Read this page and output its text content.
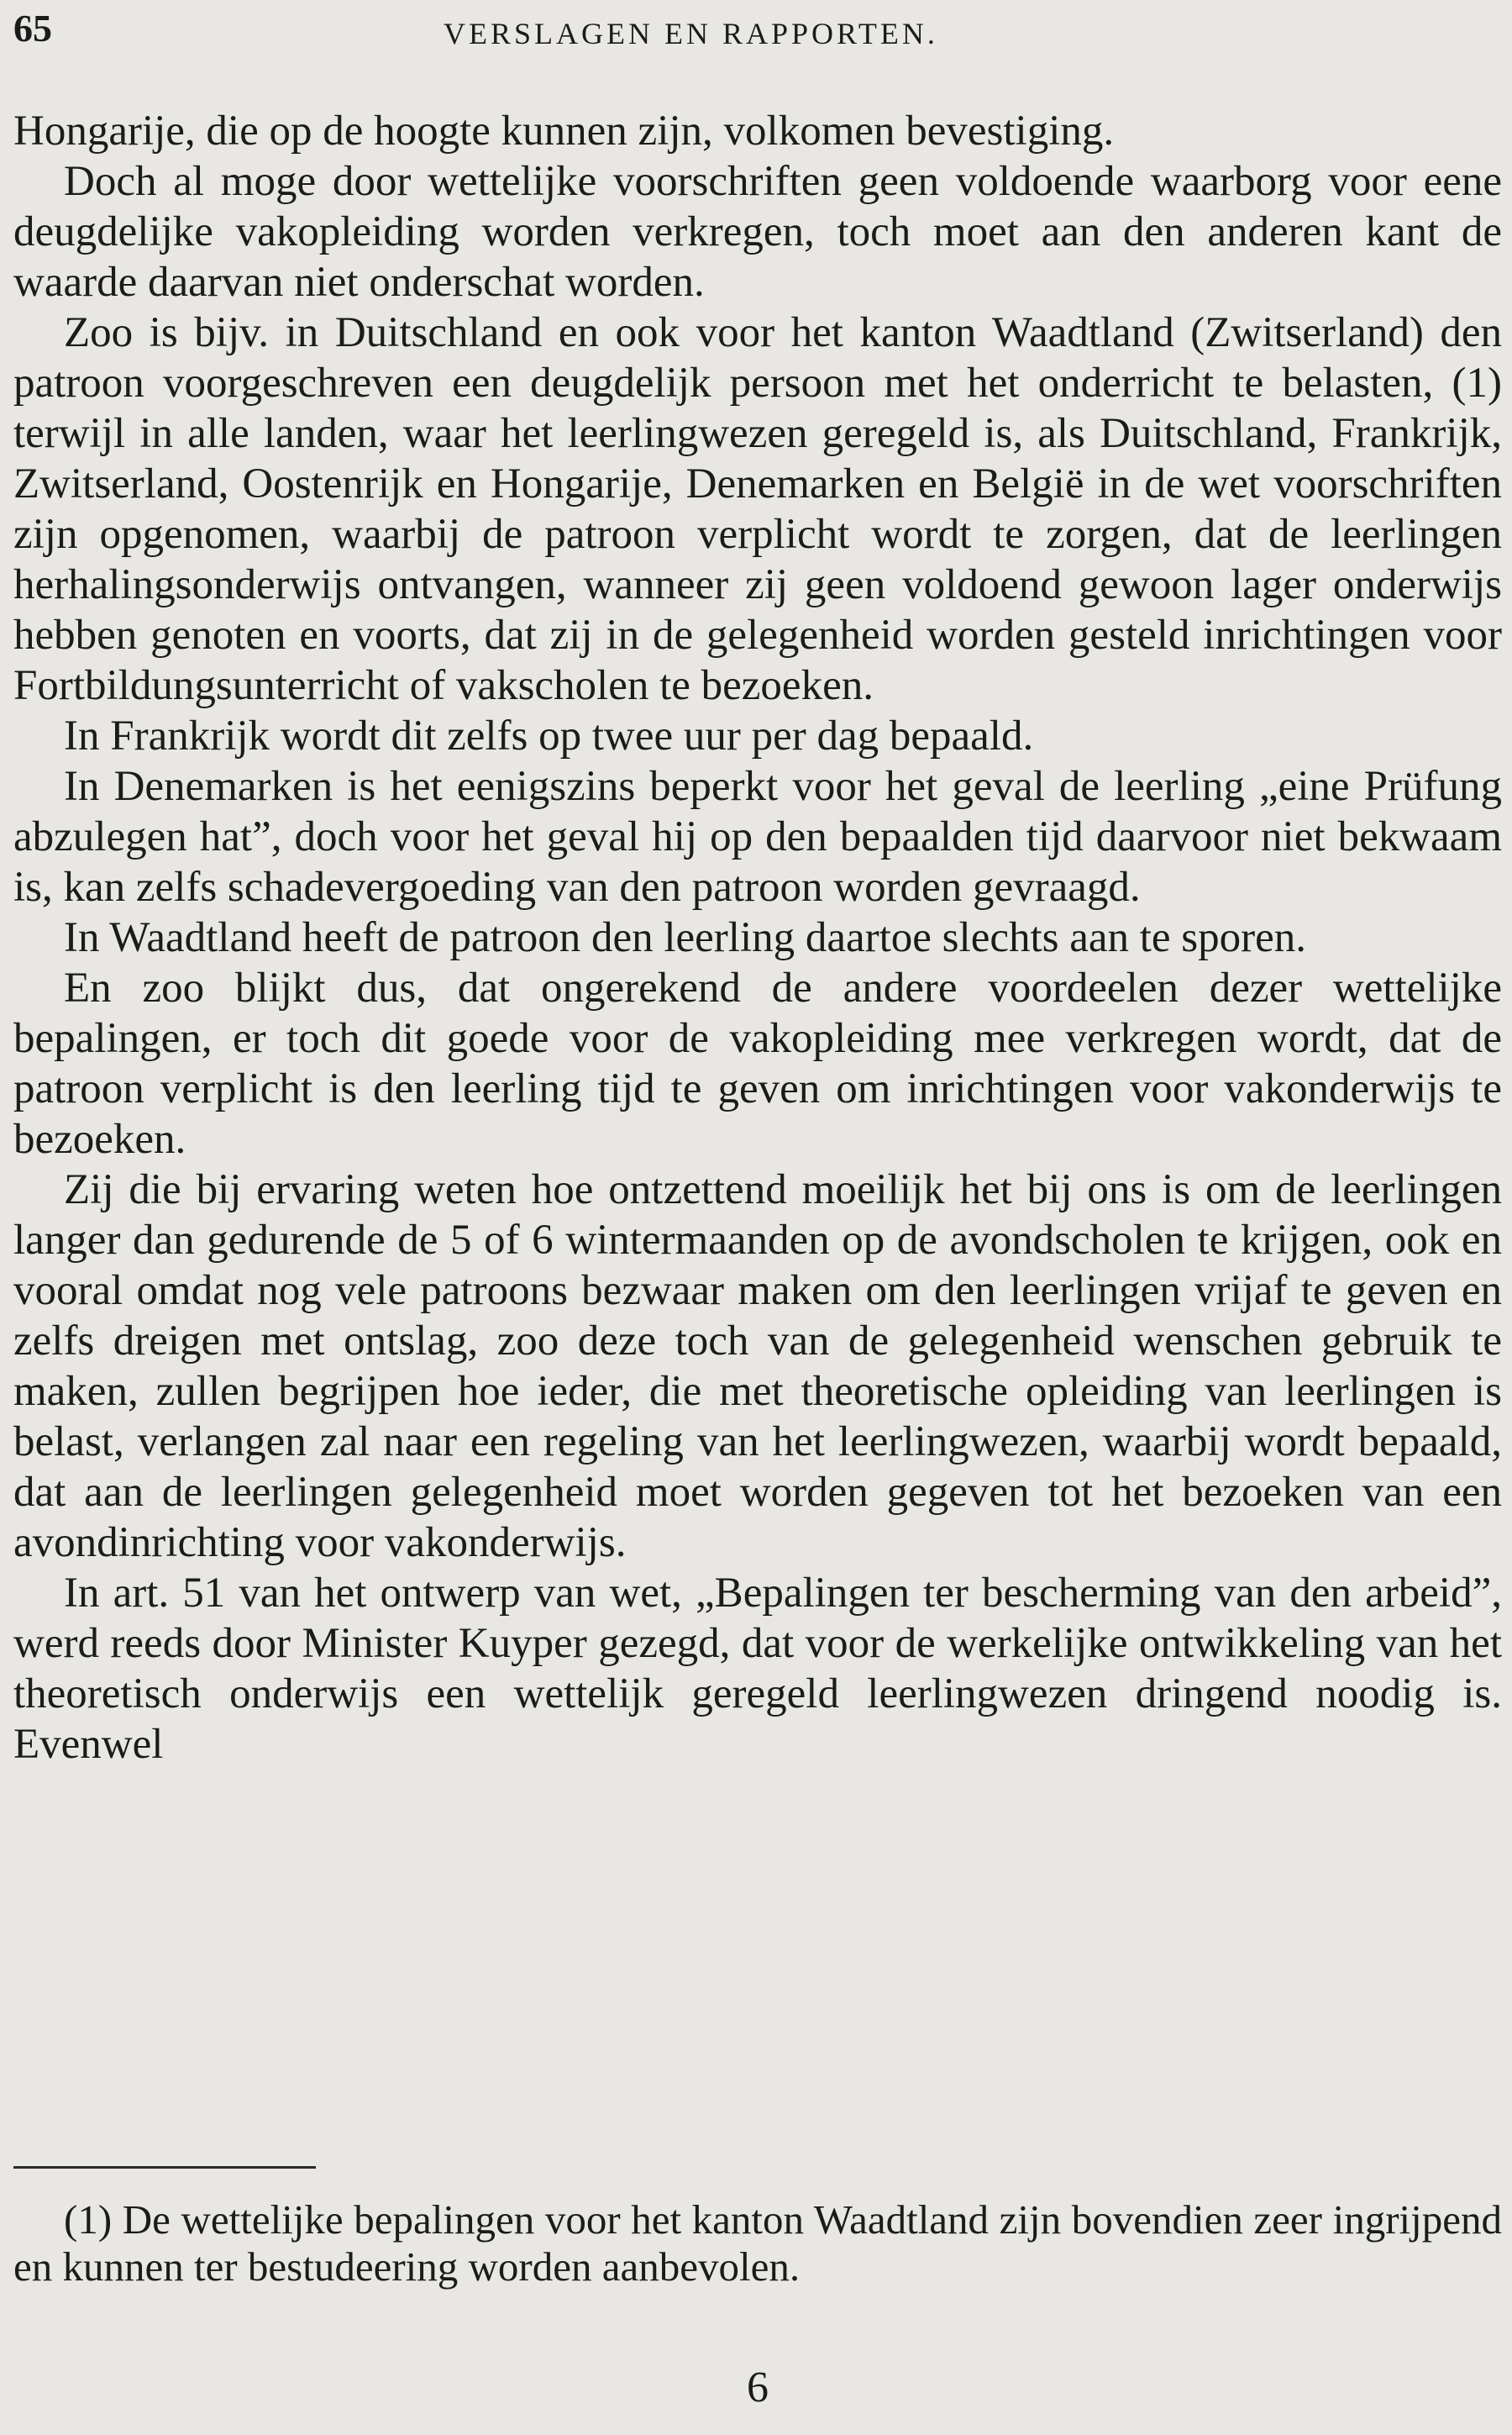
65	VERSLAGEN EN RAPPORTEN.

Hongarije, die op de hoogte kunnen zijn, volkomen bevestiging.

Doch al moge door wettelijke voorschriften geen voldoende waarborg voor eene deugdelijke vakopleiding worden verkregen, toch moet aan den anderen kant de waarde daarvan niet onderschat worden.

Zoo is bijv. in Duitschland en ook voor het kanton Waadtland (Zwitserland) den patroon voorgeschreven een deugdelijk persoon met het onderricht te belasten, (1) terwijl in alle landen, waar het leerlingwezen geregeld is, als Duitschland, Frankrijk, Zwitserland, Oostenrijk en Hongarije, Denemarken en België in de wet voorschriften zijn opgenomen, waarbij de patroon verplicht wordt te zorgen, dat de leerlingen herhalingsonderwijs ontvangen, wanneer zij geen voldoend gewoon lager onderwijs hebben genoten en voorts, dat zij in de gelegenheid worden gesteld inrichtingen voor Fortbildungsunterricht of vakscholen te bezoeken.

In Frankrijk wordt dit zelfs op twee uur per dag bepaald.

In Denemarken is het eenigszins beperkt voor het geval de leerling „eine Prüfung abzulegen hat”, doch voor het geval hij op den bepaalden tijd daarvoor niet bekwaam is, kan zelfs schadevergoeding van den patroon worden gevraagd.

In Waadtland heeft de patroon den leerling daartoe slechts aan te sporen.

En zoo blijkt dus, dat ongerekend de andere voordeelen dezer wettelijke bepalingen, er toch dit goede voor de vakopleiding mee verkregen wordt, dat de patroon verplicht is den leerling tijd te geven om inrichtingen voor vakonderwijs te bezoeken.

Zij die bij ervaring weten hoe ontzettend moeilijk het bij ons is om de leerlingen langer dan gedurende de 5 of 6 wintermaanden op de avondscholen te krijgen, ook en vooral omdat nog vele patroons bezwaar maken om den leerlingen vrijaf te geven en zelfs dreigen met ontslag, zoo deze toch van de gelegenheid wenschen gebruik te maken, zullen begrijpen hoe ieder, die met theoretische opleiding van leerlingen is belast, verlangen zal naar een regeling van het leerlingwezen, waarbij wordt bepaald, dat aan de leerlingen gelegenheid moet worden gegeven tot het bezoeken van een avondinrichting voor vakonderwijs.

In art. 51 van het ontwerp van wet, „Bepalingen ter bescherming van den arbeid”, werd reeds door Minister Kuyper gezegd, dat voor de werkelijke ontwikkeling van het theoretisch onderwijs een wettelijk geregeld leerlingwezen dringend noodig is. Evenwel

(1) De wettelijke bepalingen voor het kanton Waadtland zijn bovendien zeer ingrijpend en kunnen ter bestudeering worden aanbevolen.

6
